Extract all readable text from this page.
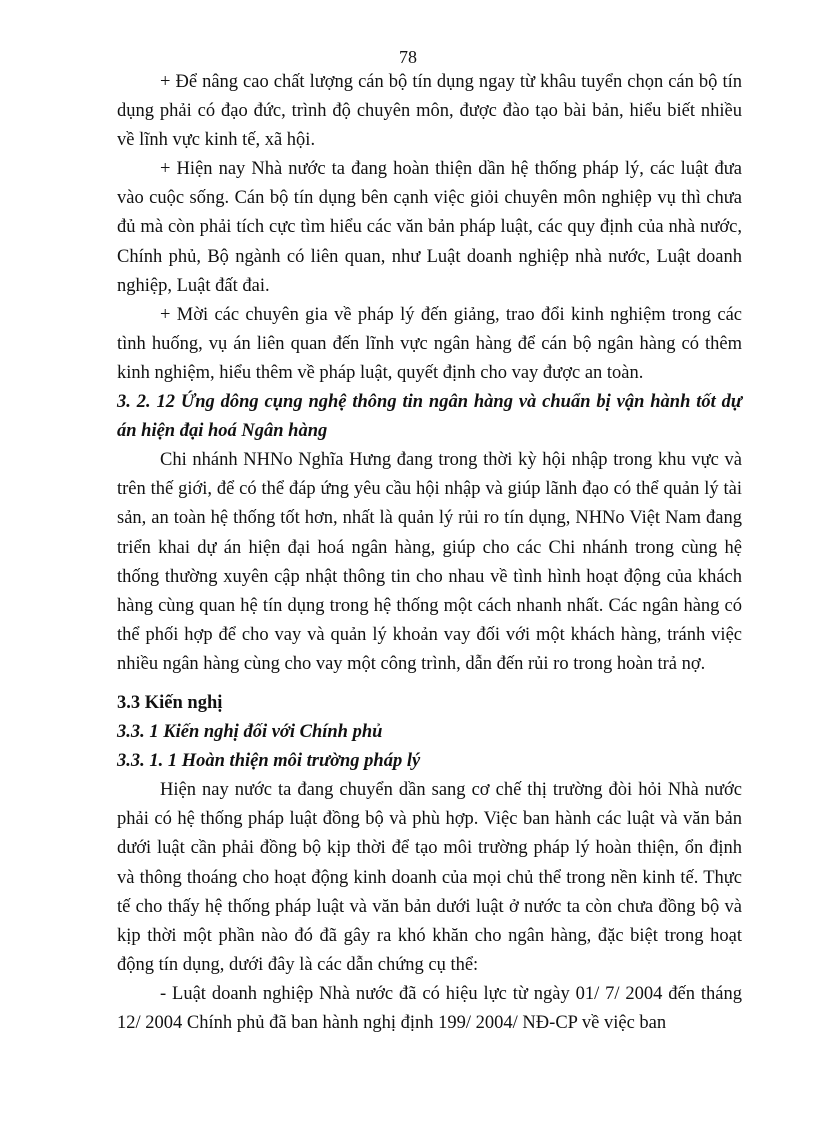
78

+ Để nâng cao chất lượng cán bộ tín dụng ngay từ khâu tuyển chọn cán bộ tín dụng phải có đạo đức, trình độ chuyên môn, được đào tạo bài bản, hiểu biết nhiều về lĩnh vực kinh tế, xã hội.

+ Hiện nay Nhà nước ta đang hoàn thiện dần hệ thống pháp lý, các luật đưa vào cuộc sống. Cán bộ tín dụng bên cạnh việc giỏi chuyên môn nghiệp vụ thì chưa đủ mà còn phải tích cực tìm hiểu các văn bản pháp luật, các quy định của nhà nước, Chính phủ, Bộ ngành có liên quan, như Luật doanh nghiệp nhà nước, Luật doanh nghiệp, Luật đất đai.

+ Mời các chuyên gia về pháp lý đến giảng, trao đổi kinh nghiệm trong các tình huống, vụ án liên quan đến lĩnh vực ngân hàng để cán bộ ngân hàng có thêm kinh nghiệm, hiểu thêm về pháp luật, quyết định cho vay được an toàn.

3. 2. 12 Ứng dông cụng nghệ thông tin ngân hàng và chuẩn bị vận hành tốt dự án hiện đại hoá Ngân hàng

Chi nhánh NHNo Nghĩa Hưng đang trong thời kỳ hội nhập trong khu vực và trên thế giới, để có thể đáp ứng yêu cầu hội nhập và giúp lãnh đạo có thể quản lý tài sản, an toàn hệ thống tốt hơn, nhất là quản lý rủi ro tín dụng, NHNo Việt Nam đang triển khai dự án hiện đại hoá ngân hàng, giúp cho các Chi nhánh trong cùng hệ thống thường xuyên cập nhật thông tin cho nhau về tình hình hoạt động của khách hàng cùng quan hệ tín dụng trong hệ thống một cách nhanh nhất. Các ngân hàng có thể phối hợp để cho vay và quản lý khoản vay đối với một khách hàng, tránh việc nhiều ngân hàng cùng cho vay một công trình, dẫn đến rủi ro trong hoàn trả nợ.

3.3 Kiến nghị

3.3. 1 Kiến nghị đối với Chính phủ

3.3. 1. 1 Hoàn thiện môi trường pháp lý

Hiện nay nước ta đang chuyển dần sang cơ chế thị trường đòi hỏi Nhà nước phải có hệ thống pháp luật đồng bộ và phù hợp. Việc ban hành các luật và văn bản dưới luật cần phải đồng bộ kịp thời để tạo môi trường pháp lý hoàn thiện, ổn định và thông thoáng cho hoạt động kinh doanh của mọi chủ thể trong nền kinh tế. Thực tế cho thấy hệ thống pháp luật và văn bản dưới luật ở nước ta còn chưa đồng bộ và kịp thời một phần nào đó đã gây ra khó khăn cho ngân hàng, đặc biệt trong hoạt động tín dụng, dưới đây là các dẫn chứng cụ thể:

- Luật doanh nghiệp Nhà nước đã có hiệu lực từ ngày 01/ 7/ 2004 đến tháng 12/ 2004 Chính phủ đã ban hành nghị định 199/ 2004/ NĐ-CP về việc ban
